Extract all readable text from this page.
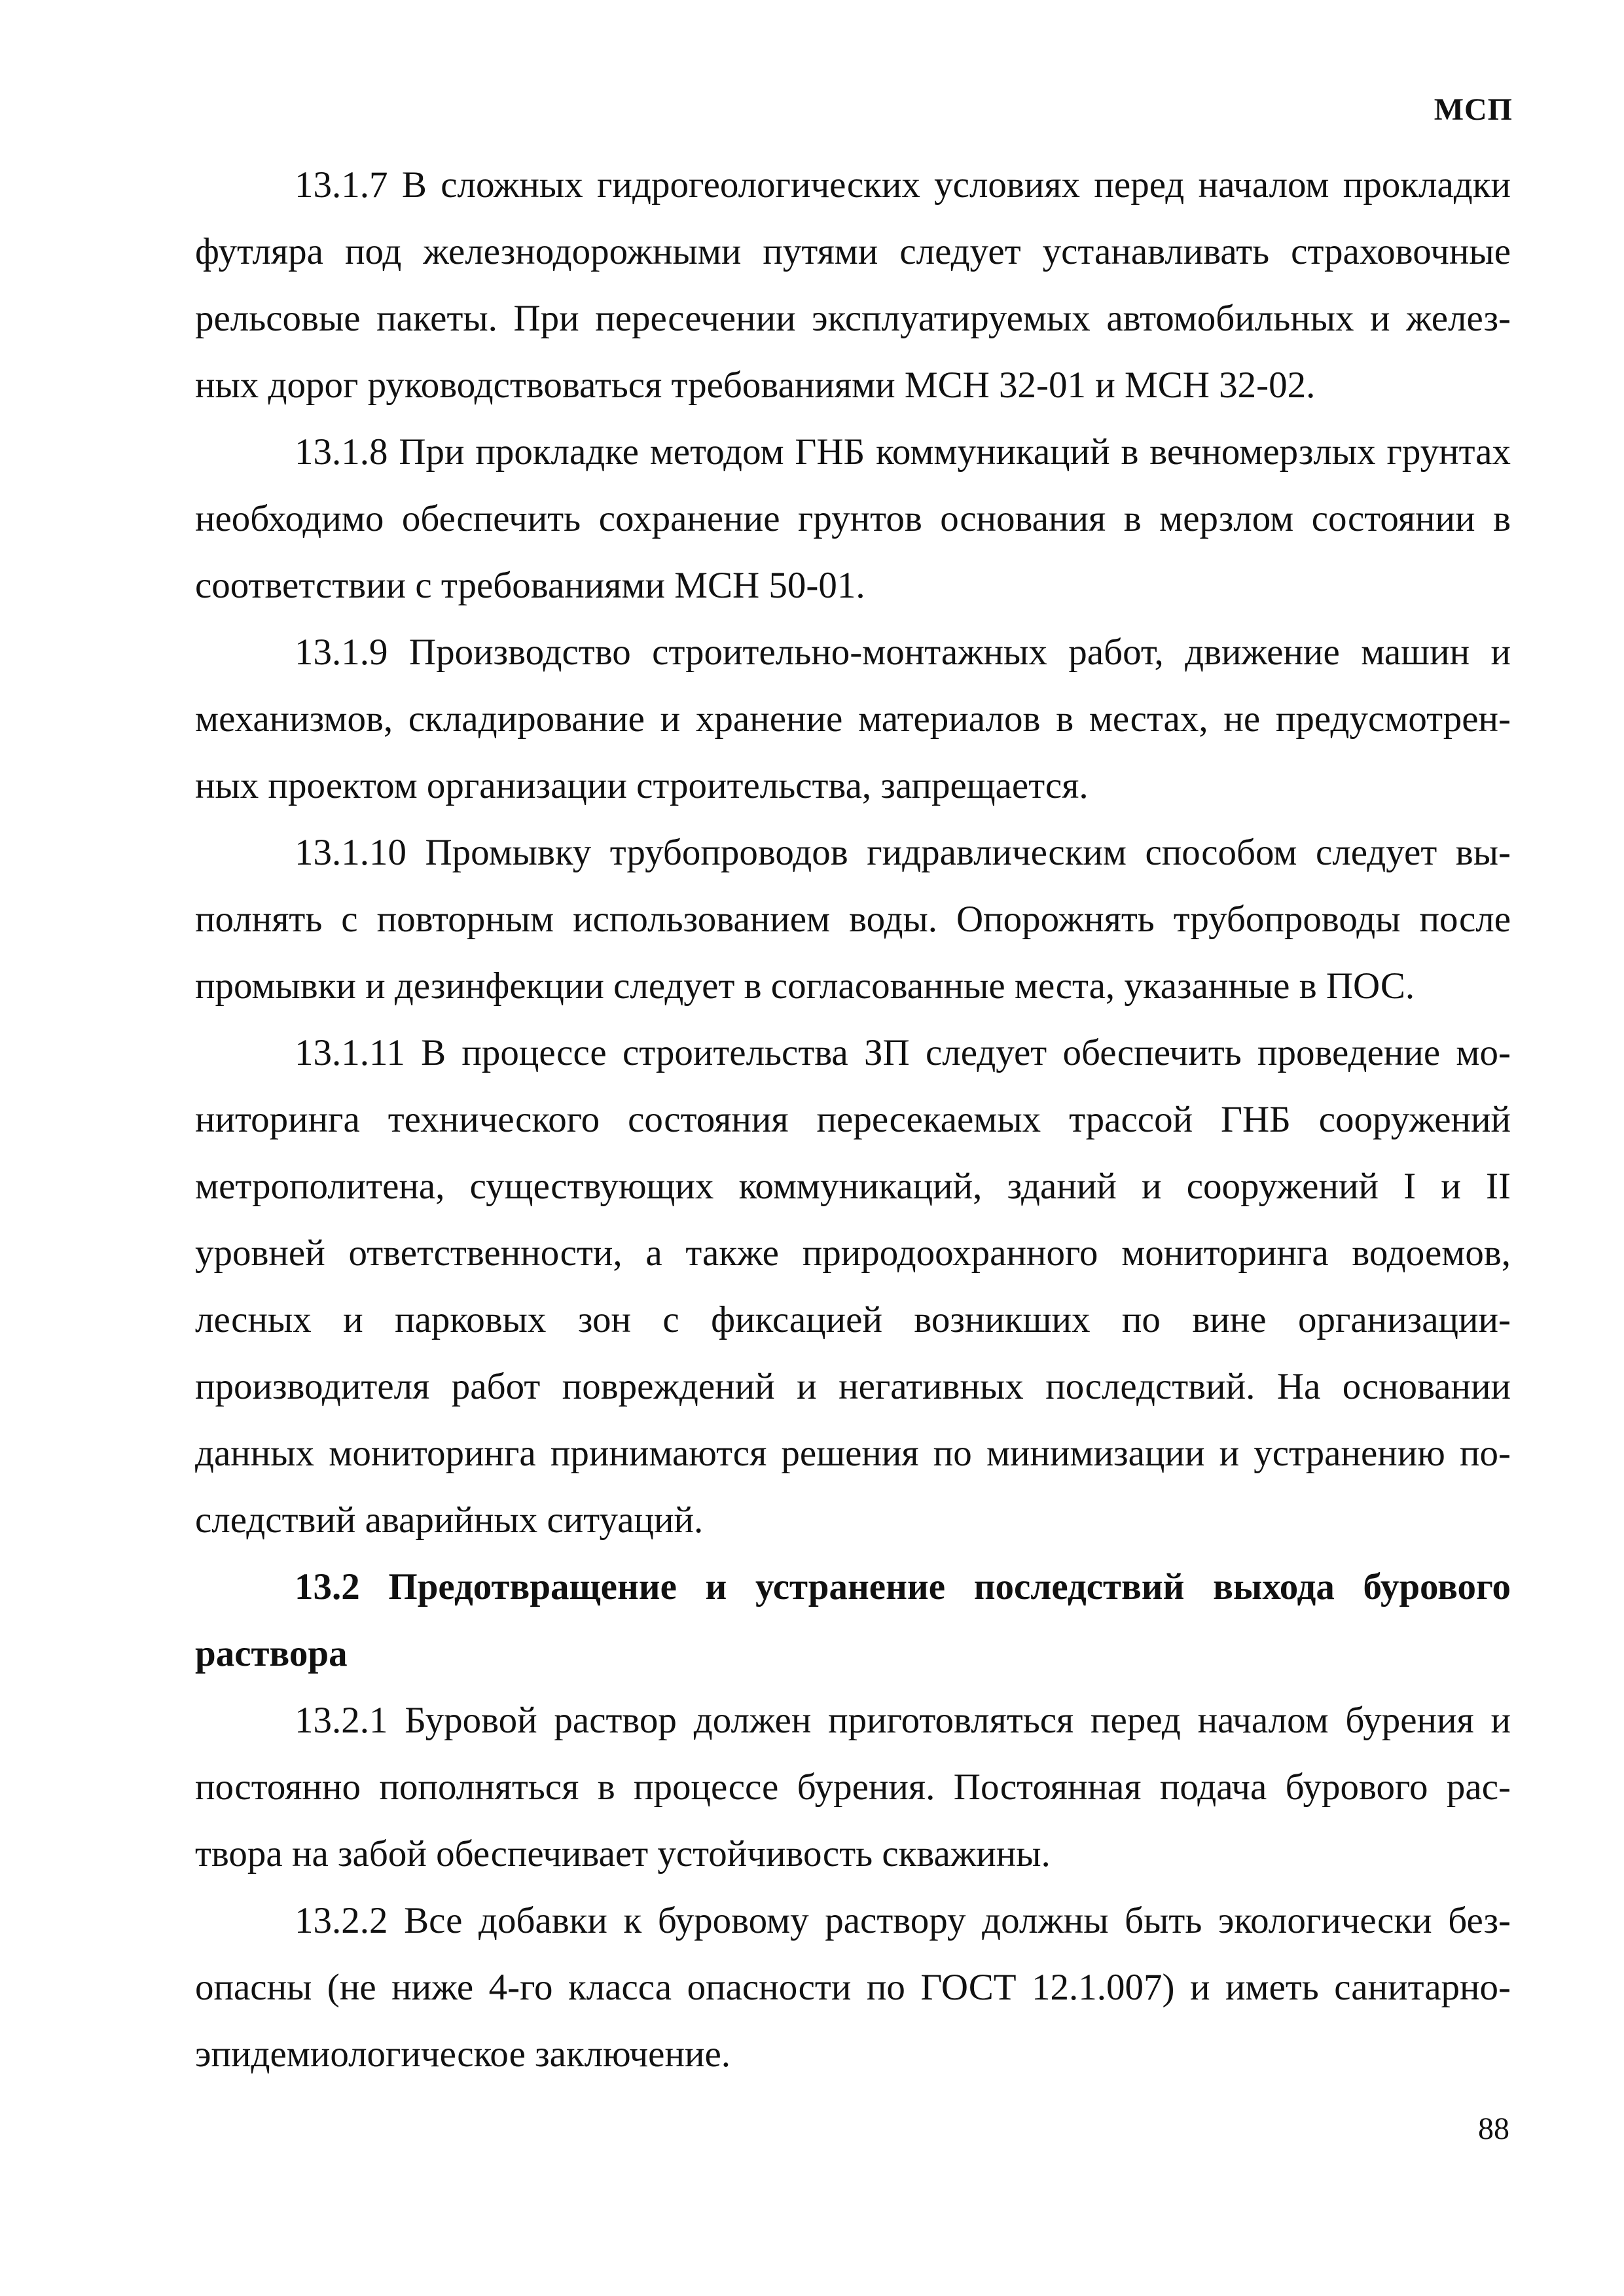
МСП

13.1.7 В сложных гидрогеологических условиях перед началом прокладки футляра под железнодорожными путями следует устанавливать страховочные рельсовые пакеты. При пересечении эксплуатируемых автомобильных и железных дорог руководствоваться требованиями МСН 32-01 и МСН 32-02.

13.1.8 При прокладке методом ГНБ коммуникаций в вечномерзлых грунтах необходимо обеспечить сохранение грунтов основания в мерзлом состоянии в соответствии с требованиями МСН 50-01.

13.1.9 Производство строительно-монтажных работ, движение машин и механизмов, складирование и хранение материалов в местах, не предусмотренных проектом организации строительства, запрещается.

13.1.10 Промывку трубопроводов гидравлическим способом следует выполнять с повторным использованием воды. Опорожнять трубопроводы после промывки и дезинфекции следует в согласованные места, указанные в ПОС.

13.1.11 В процессе строительства ЗП следует обеспечить проведение мониторинга технического состояния пересекаемых трассой ГНБ сооружений метрополитена, существующих коммуникаций, зданий и сооружений I и II уровней ответственности, а также природоохранного мониторинга водоемов, лесных и парковых зон с фиксацией возникших по вине организации-производителя работ повреждений и негативных последствий. На основании данных мониторинга принимаются решения по минимизации и устранению последствий аварийных ситуаций.

13.2 Предотвращение и устранение последствий выхода бурового раствора

13.2.1 Буровой раствор должен приготовляться перед началом бурения и постоянно пополняться в процессе бурения. Постоянная подача бурового раствора на забой обеспечивает устойчивость скважины.

13.2.2 Все добавки к буровому раствору должны быть экологически безопасны (не ниже 4-го класса опасности по ГОСТ 12.1.007) и иметь санитарно-эпидемиологическое заключение.

88
